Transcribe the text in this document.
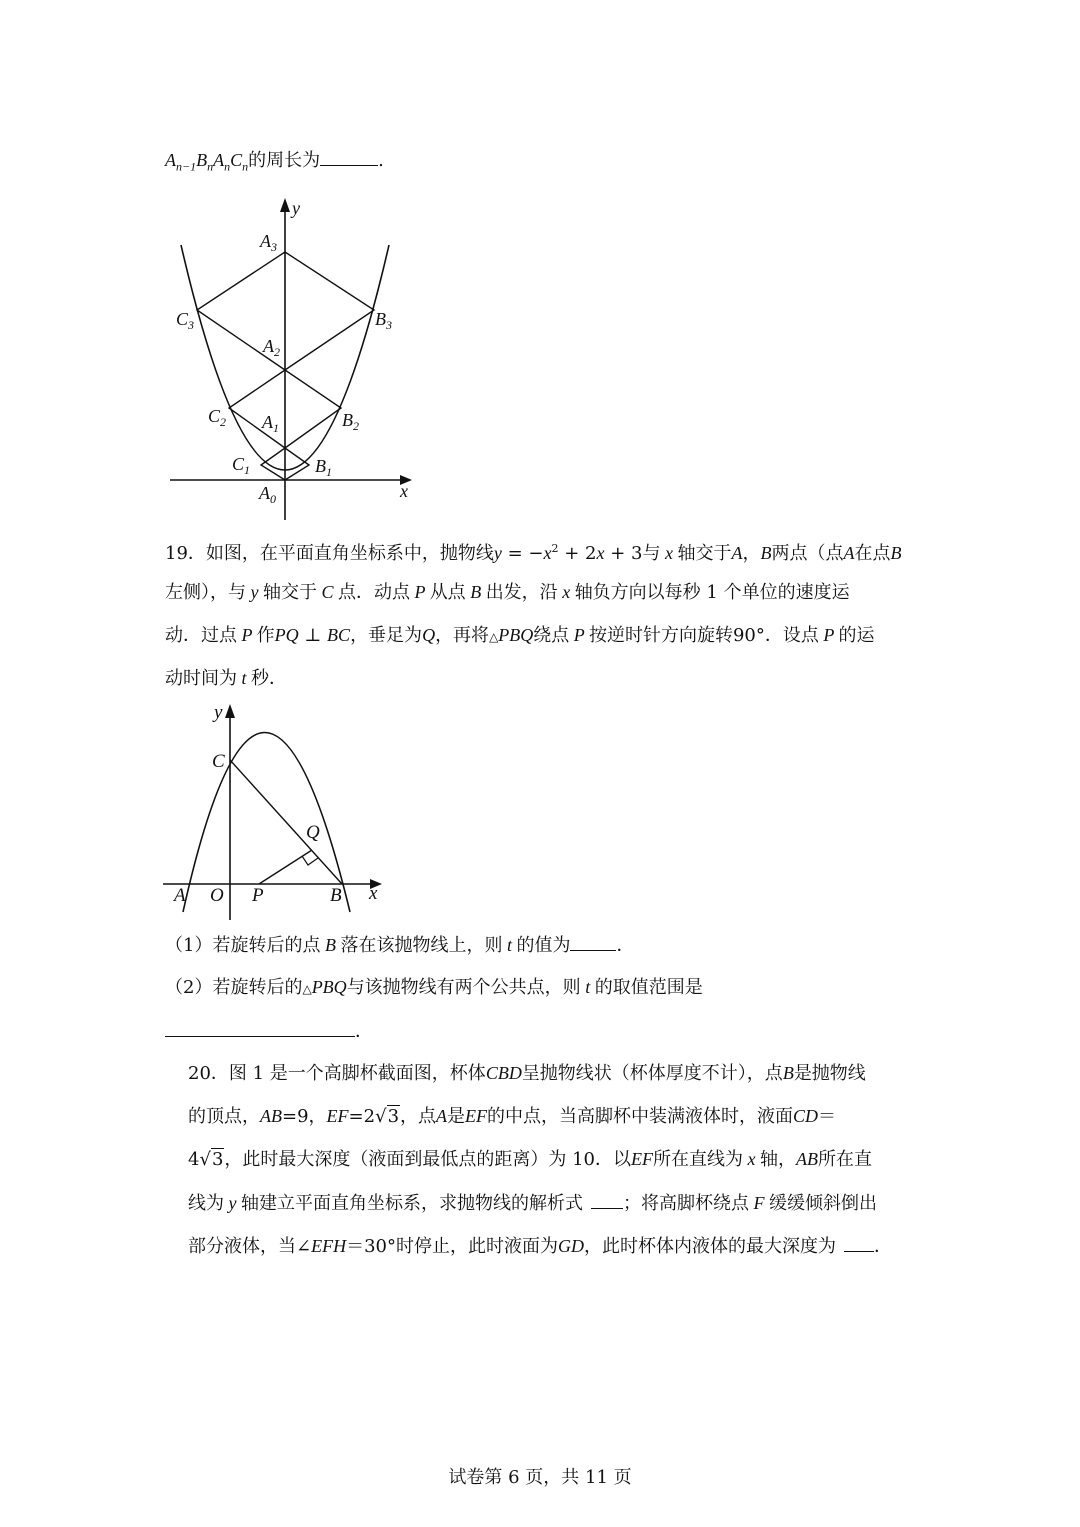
$A_{n-1}B_nA_nC_n$的周长为	.
y
x
$A_3$
$C_3$	$B_3$
$A_2$
$C_2$ $A_1$	$B_2$
$C_1$	$B_1$
$A_0$
19．如图，在平面直角坐标系中，抛物线$y = -x^2 + 2x + 3$与 x 轴交于A，B两点（点A在点B
左侧），与 y 轴交于 C 点．动点 P 从点 B 出发，沿 x 轴负方向以每秒 1 个单位的速度运
动．过点 P 作PQ ⊥ BC，垂足为Q，再将△PBQ绕点 P 按逆时针方向旋转90°．设点 P 的运
动时间为 t 秒．
y
C
Q
A O P	B x
（1）若旋转后的点 B 落在该抛物线上，则 t 的值为	．
（2）若旋转后的△PBQ与该抛物线有两个公共点，则 t 的取值范围是
．
20．图 1 是一个高脚杯截面图，杯体CBD呈抛物线状（杯体厚度不计），点B是抛物线
的顶点，AB=9，EF=2√3，点A是EF的中点，当高脚杯中装满液体时，液面CD＝
4√3，此时最大深度（液面到最低点的距离）为 10．以EF所在直线为 x 轴，AB所在直
线为 y 轴建立平面直角坐标系，求抛物线的解析式 ；将高脚杯绕点 F 缓缓倾斜倒出
部分液体，当∠EFH＝30°时停止，此时液面为GD，此时杯体内液体的最大深度为 ．
试卷第 6 页，共 11 页
